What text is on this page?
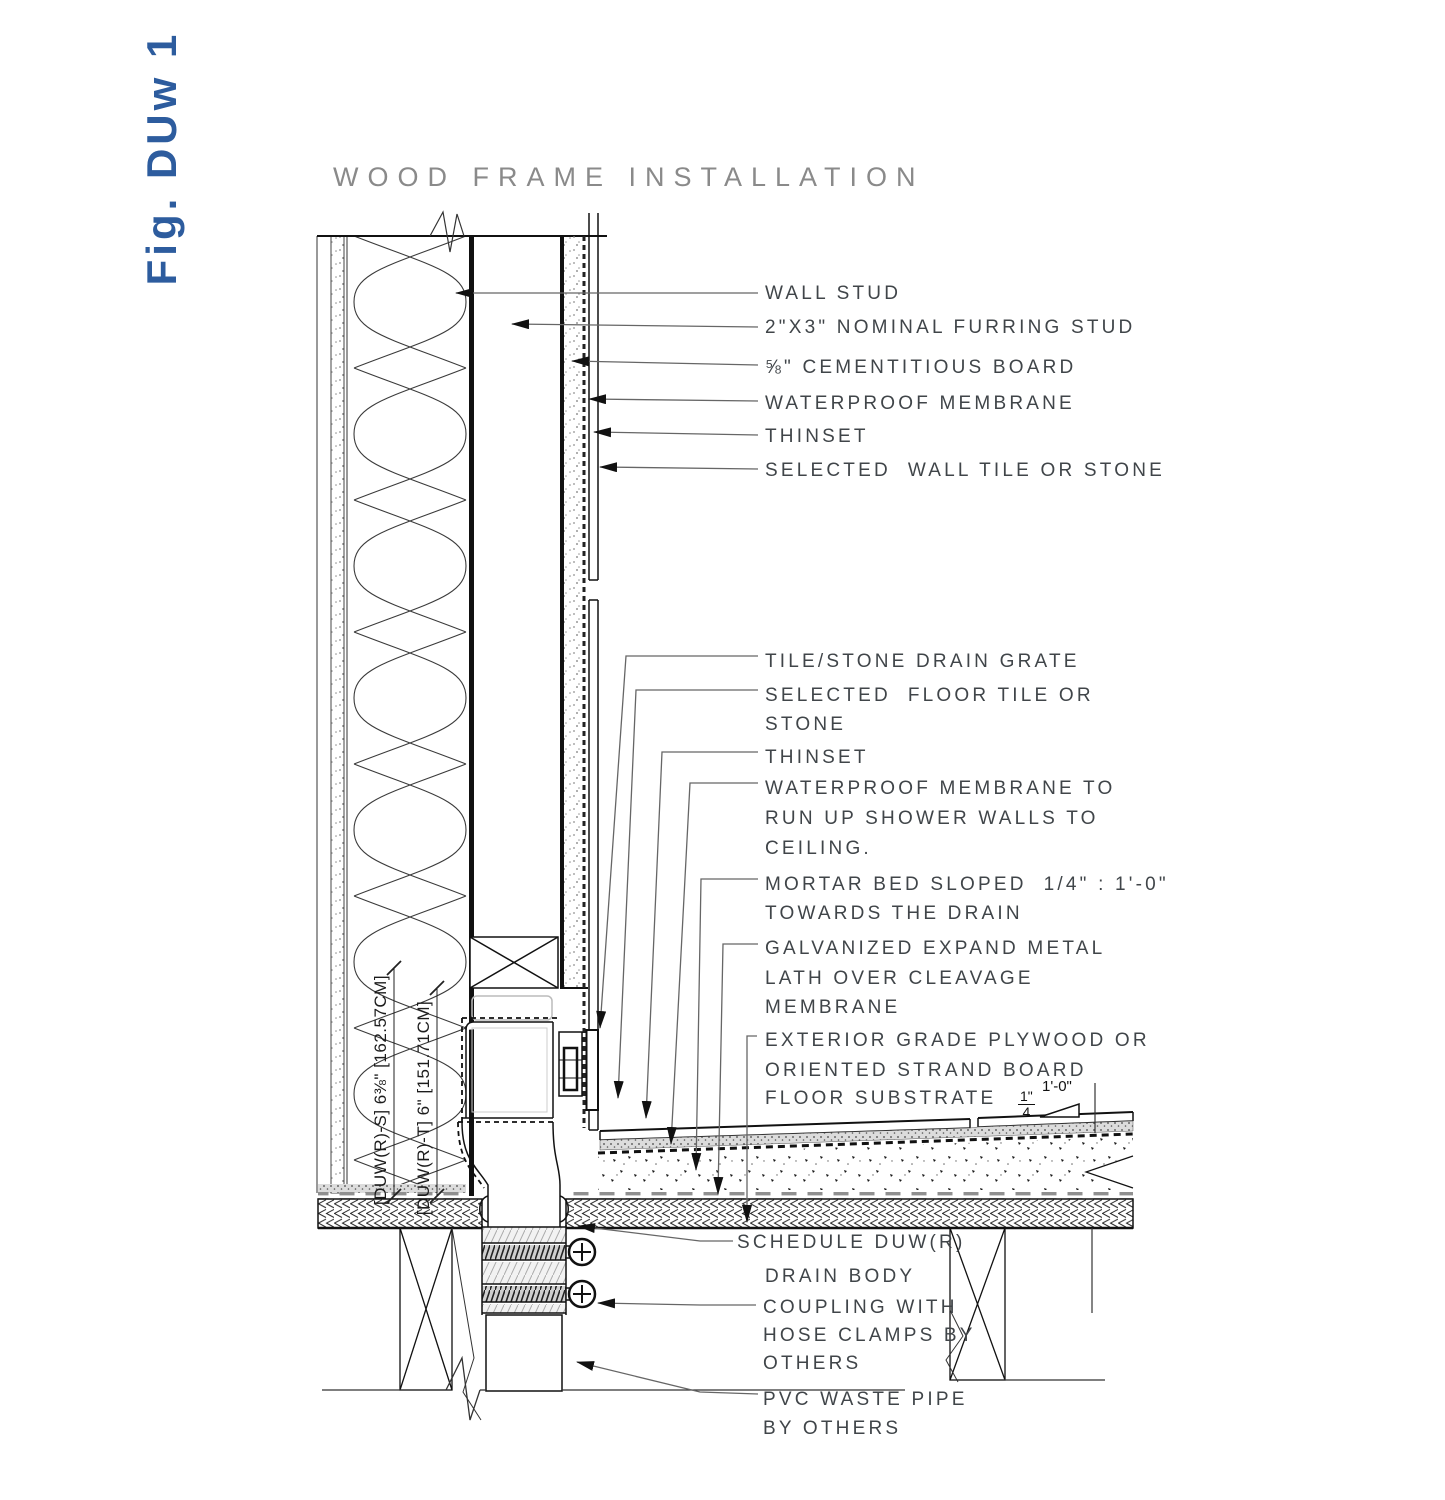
Fig. DUw 1	WOOD FRAME INSTALLATION
WALL STUD
2"X3" NOMINAL FURRING STUD
⅝" CEMENTITIOUS BOARD
WATERPROOF MEMBRANE
THINSET
SELECTED  WALL TILE OR STONE
TILE/STONE DRAIN GRATE
SELECTED  FLOOR TILE OR
STONE
THINSET
WATERPROOF MEMBRANE TO
RUN UP SHOWER WALLS TO
CEILING.
MORTAR BED SLOPED  1/4" : 1'-0"
TOWARDS THE DRAIN
GALVANIZED EXPAND METAL
LATH OVER CLEAVAGE
MEMBRANE
EXTERIOR GRADE PLYWOOD OR
ORIENTED STRAND BOARD
FLOOR SUBSTRATE
SCHEDULE DUW(R)
DRAIN BODY
COUPLING WITH
HOSE CLAMPS BY
OTHERS
PVC WASTE PIPE
BY OTHERS
[DUW(R)-S] 6⅜" [162.57CM] [DUW(R)-T] 6" [151.71CM]	1'-0"
$\frac{1"}{4}$
